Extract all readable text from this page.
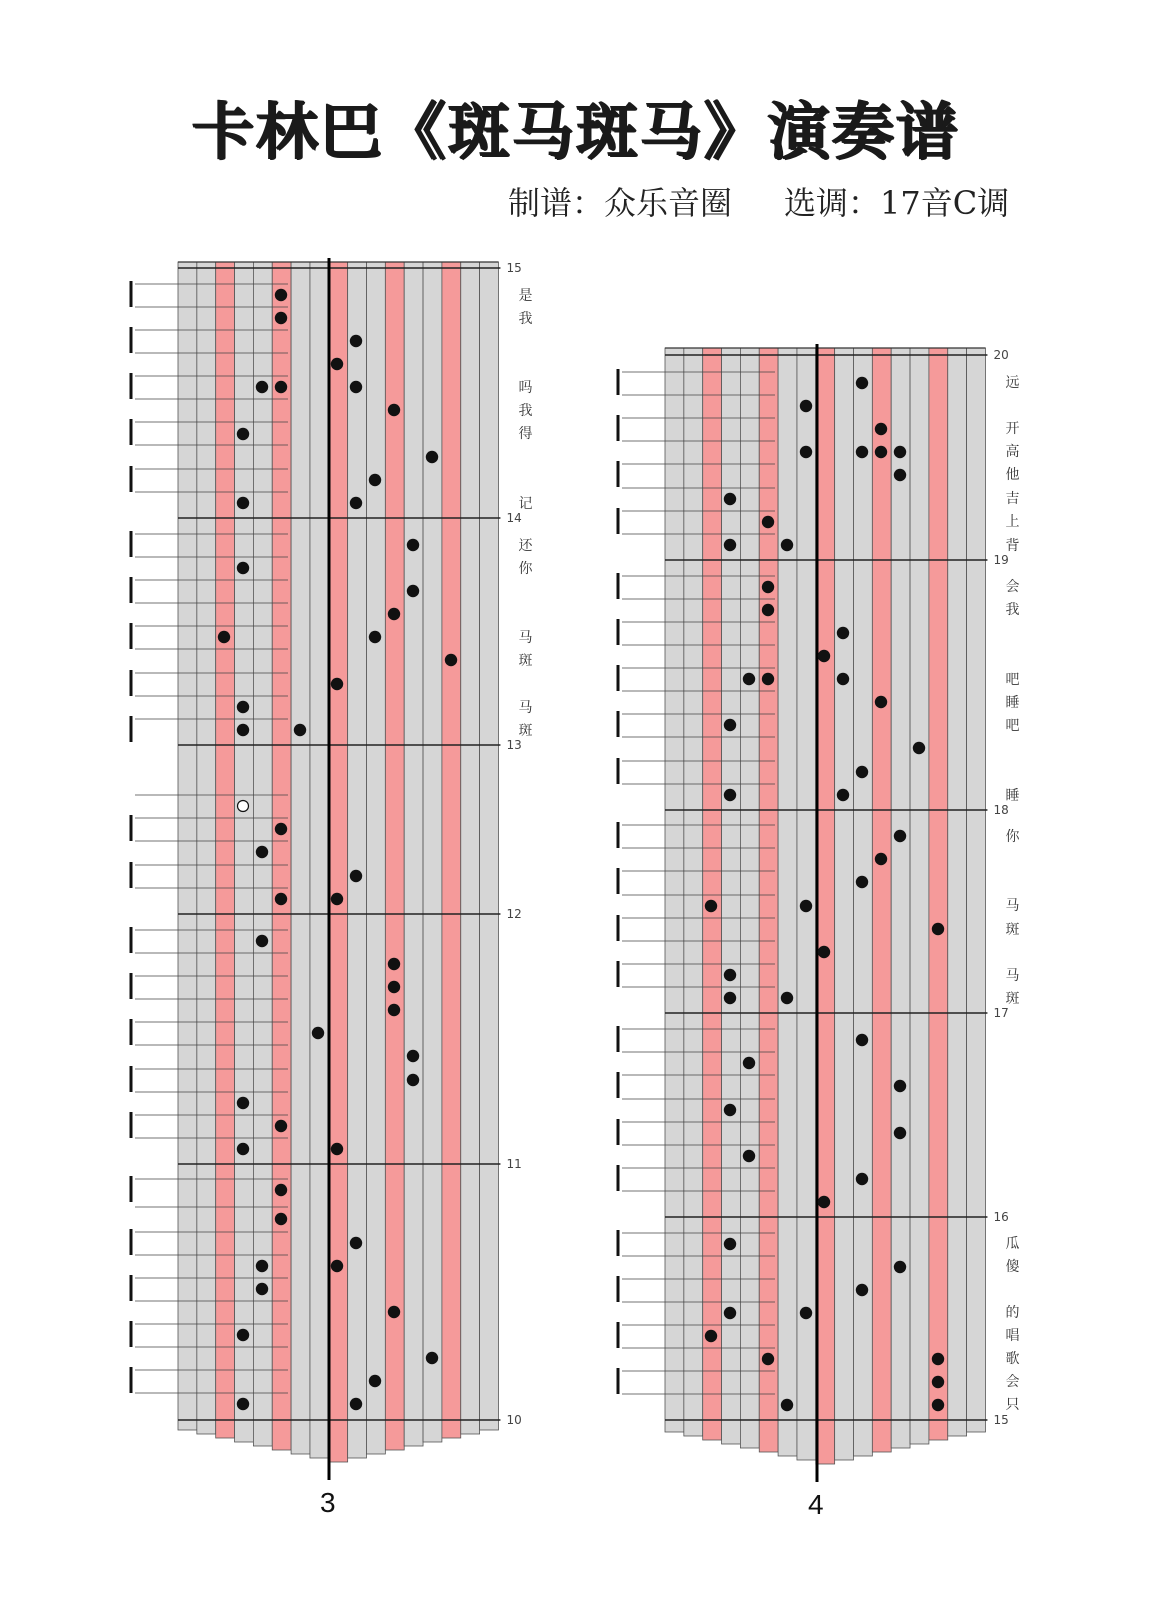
卡林巴《斑马斑马》演奏谱
制谱：众乐音圈 选调：17音C调
15
14
13
12
11
10
是
我
吗
我
得
记
还
你
马
斑
马
斑
3
20
19
18
17
16
15
远
开
高
他
吉
上
背
会
我
吧
睡
吧
睡
你
马
斑
马
斑
瓜
傻
的
唱
歌
会
只
4
